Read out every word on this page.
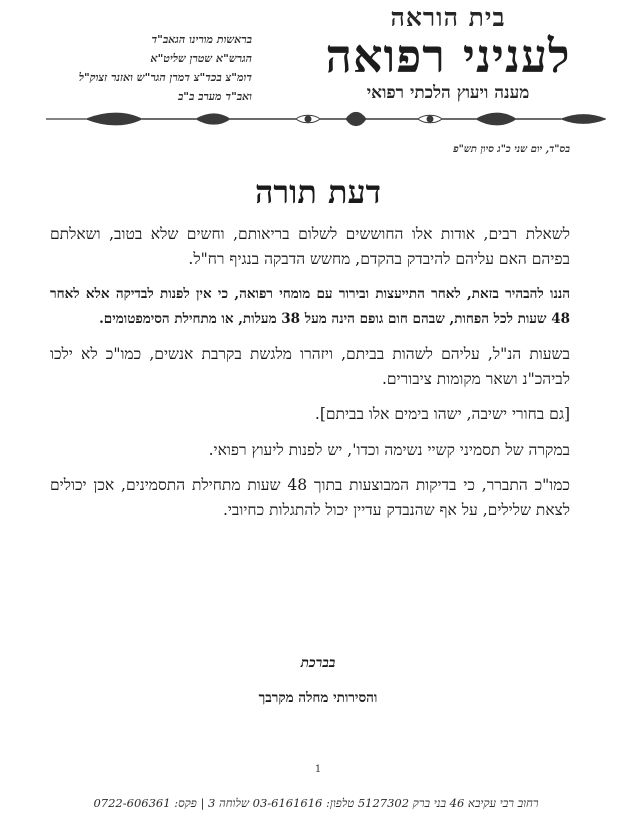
בית הוראה
לעניני רפואה
מענה ויעוץ הלכתי רפואי
בראשות מורינו הגאב"ד
הגרש"א שטרן שליט"א
דומ"צ בכד"צ דמרן הגר"ש ואזנר זצוק"ל
ואב"ד מערב ב"ב
בס"ד, יום שני כ"ג סיון תש"פ
דעת תורה

לשאלת רבים, אודות אלו החוששים לשלום בריאותם, וחשים שלא בטוב, ושאלתם בפיהם האם עליהם להיבדק בהקדם, מחשש הדבקה בנגיף רח"ל.

הננו להבהיר בזאת, לאחר התייעצות ובירור עם מומחי רפואה, כי אין לפנות לבדיקה אלא לאחר 48 שעות לכל הפחות, שבהם חום גופם הינה מעל 38 מעלות, או מתחילת הסימפטומים.

בשעות הנ"ל, עליהם לשהות בביתם, ויזהרו מלגשת בקרבת אנשים, כמו"כ לא ילכו לביהכ"נ ושאר מקומות ציבורים.

[גם בחורי ישיבה, ישהו בימים אלו בביתם].

במקרה של תסמיני קשיי נשימה וכדו', יש לפנות ליעוץ רפואי.

כמו"כ התברר, כי בדיקות המבוצעות בתוך 48 שעות מתחילת התסמינים, אכן יכולים לצאת שלילים, על אף שהנבדק עדיין יכול להתגלות כחיובי.

בברכת
והסירותי מחלה מקרבך
1
רחוב רבי עקיבא 46 בני ברק 5127302 טלפון: 03-6161616 שלוחה 3 | פקס: 0722-606361
